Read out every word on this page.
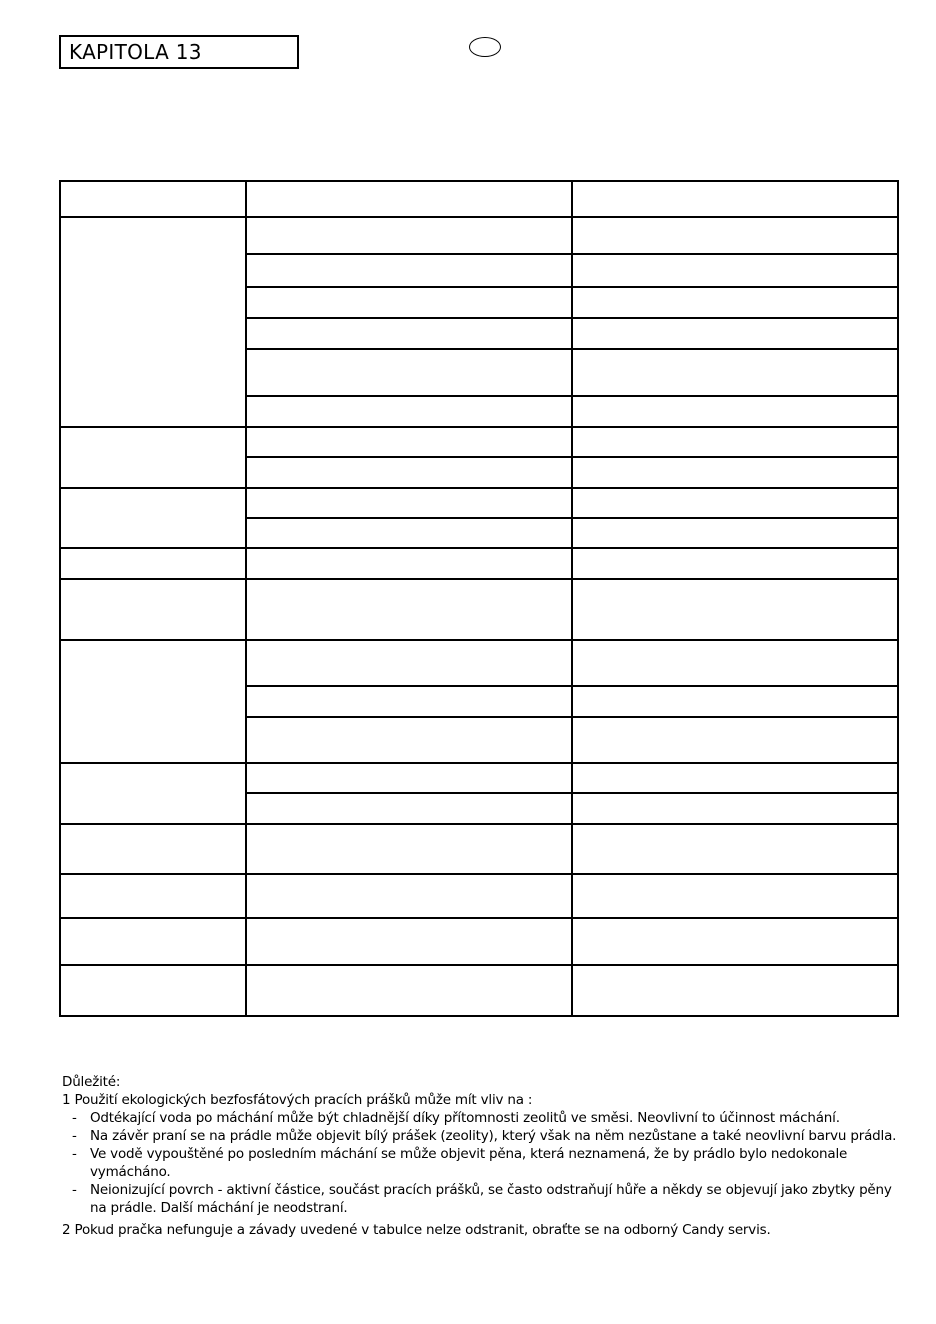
KAPITOLA 13

Důležité:

1 Použití ekologických bezfosfátových pracích prášků může mít vliv na :

- Odtékající voda po máchání může být chladnější díky přítomnosti zeolitů ve směsi. Neovlivní to účinnost máchání.

- Na závěr praní se na prádle může objevit bílý prášek (zeolity), který však na něm nezůstane a také neovlivní barvu prádla.

- Ve vodě vypouštěné po posledním máchání se může objevit pěna, která neznamená, že by prádlo bylo nedokonale vymácháno.

- Neionizující povrch - aktivní částice, součást pracích prášků, se často odstraňují hůře a někdy se objevují jako zbytky pěny na prádle. Další máchání je neodstraní.

2 Pokud pračka nefunguje a závady uvedené v tabulce nelze odstranit, obraťte se na odborný Candy servis.
